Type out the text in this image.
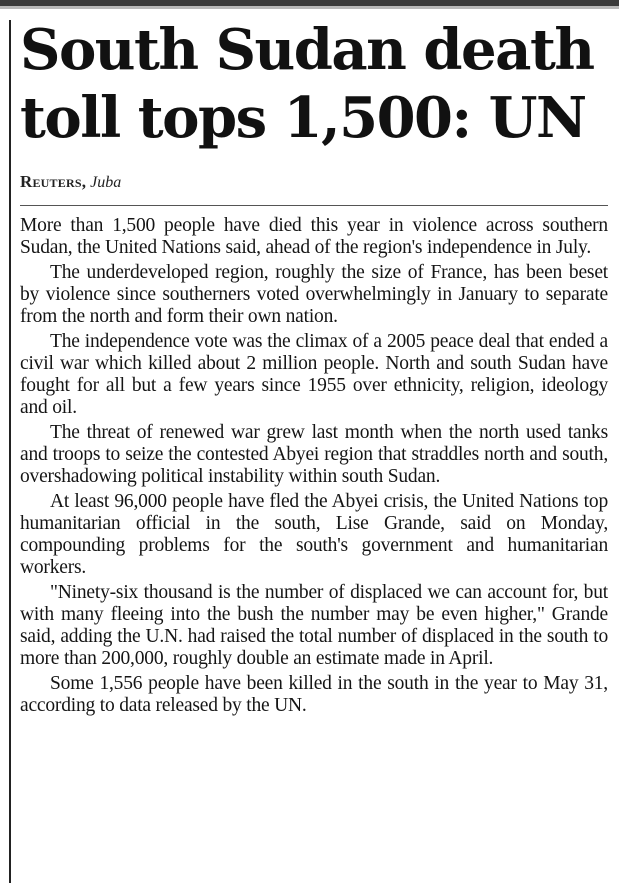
South Sudan death toll tops 1,500: UN
Reuters, Juba

More than 1,500 people have died this year in violence across southern Sudan, the United Nations said, ahead of the region's independence in July.

The underdeveloped region, roughly the size of France, has been beset by violence since southerners voted overwhelmingly in January to separate from the north and form their own nation.

The independence vote was the climax of a 2005 peace deal that ended a civil war which killed about 2 million people. North and south Sudan have fought for all but a few years since 1955 over ethnicity, religion, ideology and oil.

The threat of renewed war grew last month when the north used tanks and troops to seize the contested Abyei region that straddles north and south, overshadowing political instability within south Sudan.

At least 96,000 people have fled the Abyei crisis, the United Nations top humanitarian official in the south, Lise Grande, said on Monday, compounding problems for the south's government and humanitarian workers.

"Ninety-six thousand is the number of displaced we can account for, but with many fleeing into the bush the number may be even higher," Grande said, adding the U.N. had raised the total number of displaced in the south to more than 200,000, roughly double an estimate made in April.

Some 1,556 people have been killed in the south in the year to May 31, according to data released by the UN.
